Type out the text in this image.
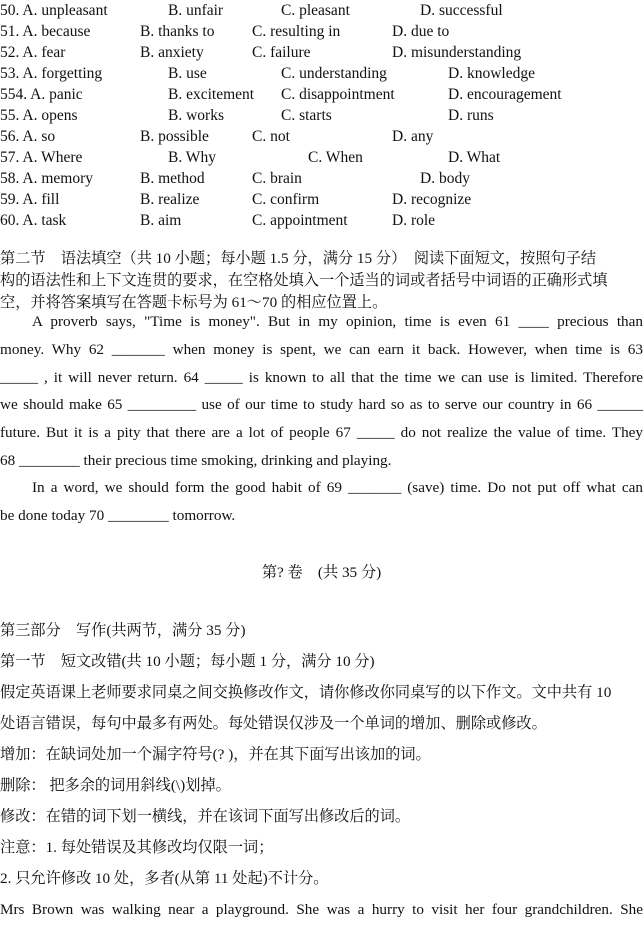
50. A. unpleasant	B. unfair	C. pleasant	D. successful
51. A. because	B. thanks to C. resulting in	D. due to
52. A. fear	B. anxiety	C. failure	D. misunderstanding
53. A. forgetting	B. use	C. understanding	D. knowledge
554. A. panic	B. excitement C. disappointment	D. encouragement
55. A. opens	B. works	C. starts	D. runs
56. A. so	B. possible	C. not	D. any
57. A. Where	B. Why	C. When	D. What
58. A. memory	B. method	C. brain	D. body
59. A. fill	B. realize	C. confirm	D. recognize
60. A. task	B. aim	C. appointment	D. role
第二节　语法填空（共 10 小题；每小题 1.5 分，满分 15 分）　阅读下面短文，按照句子结
构的语法性和上下文连贯的要求，在空格处填入一个适当的词或者括号中词语的正确形式填
空，并将答案填写在答题卡标号为 61～70 的相应位置上。
A proverb says, "Time is money". But in my opinion, time is even 61 ____ precious than
money. Why 62 _______ when money is spent, we can earn it back. However, when time is 63
_____ , it will never return. 64 _____ is known to all that the time we can use is limited. Therefore
we should make 65 _________ use of our time to study hard so as to serve our country in 66 ______
future. But it is a pity that there are a lot of people 67 _____ do not realize the value of time. They
68 ________ their precious time smoking, drinking and playing.
In a word, we should form the good habit of 69 _______ (save) time. Do not put off what can
be done today 70 ________ tomorrow.
第? 卷　(共 35 分)
第三部分　写作(共两节，满分 35 分)
第一节　短文改错(共 10 小题；每小题 1 分，满分 10 分)
假定英语课上老师要求同桌之间交换修改作文，请你修改你同桌写的以下作文。文中共有 10
处语言错误，每句中最多有两处。每处错误仅涉及一个单词的增加、删除或修改。
增加：在缺词处加一个漏字符号(? )，并在其下面写出该加的词。
删除： 把多余的词用斜线(\)划掉。
修改：在错的词下划一横线，并在该词下面写出修改后的词。
注意：1. 每处错误及其修改均仅限一词；
2. 只允许修改 10 处，多者(从第 11 处起)不计分。
Mrs Brown was walking near a playground. She was a hurry to visit her four grandchildren. She
